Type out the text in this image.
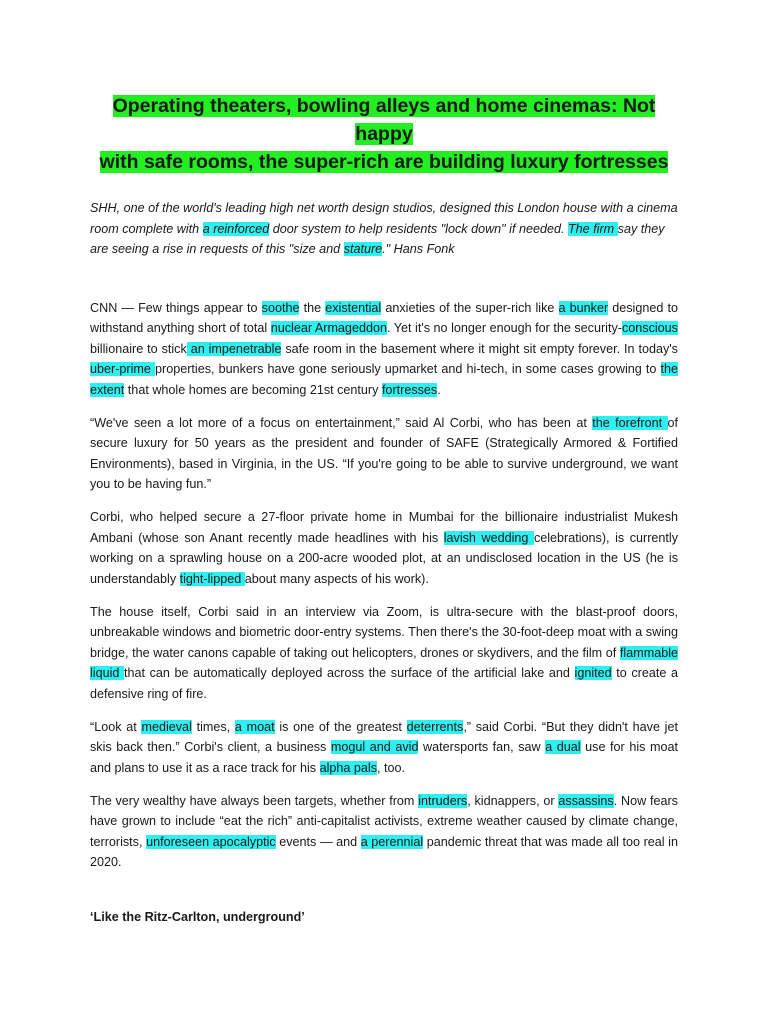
Operating theaters, bowling alleys and home cinemas: Not happy
with safe rooms, the super-rich are building luxury fortresses

SHH, one of the world's leading high net worth design studios, designed this London house with a cinema room complete with a reinforced door system to help residents "lock down" if needed. The firm say they are seeing a rise in requests of this "size and stature." Hans Fonk

CNN — Few things appear to soothe the existential anxieties of the super-rich like a bunker designed to withstand anything short of total nuclear Armageddon. Yet it's no longer enough for the security-conscious billionaire to stick an impenetrable safe room in the basement where it might sit empty forever. In today's uber-prime properties, bunkers have gone seriously upmarket and hi-tech, in some cases growing to the extent that whole homes are becoming 21st century fortresses.

“We've seen a lot more of a focus on entertainment,” said Al Corbi, who has been at the forefront of secure luxury for 50 years as the president and founder of SAFE (Strategically Armored & Fortified Environments), based in Virginia, in the US. “If you're going to be able to survive underground, we want you to be having fun.”

Corbi, who helped secure a 27-floor private home in Mumbai for the billionaire industrialist Mukesh Ambani (whose son Anant recently made headlines with his lavish wedding celebrations), is currently working on a sprawling house on a 200-acre wooded plot, at an undisclosed location in the US (he is understandably tight-lipped about many aspects of his work).

The house itself, Corbi said in an interview via Zoom, is ultra-secure with the blast-proof doors, unbreakable windows and biometric door-entry systems. Then there's the 30-foot-deep moat with a swing bridge, the water canons capable of taking out helicopters, drones or skydivers, and the film of flammable liquid that can be automatically deployed across the surface of the artificial lake and ignited to create a defensive ring of fire.

“Look at medieval times, a moat is one of the greatest deterrents,” said Corbi. “But they didn't have jet skis back then.” Corbi's client, a business mogul and avid watersports fan, saw a dual use for his moat and plans to use it as a race track for his alpha pals, too.

The very wealthy have always been targets, whether from intruders, kidnappers, or assassins. Now fears have grown to include “eat the rich” anti-capitalist activists, extreme weather caused by climate change, terrorists, unforeseen apocalyptic events — and a perennial pandemic threat that was made all too real in 2020.

‘Like the Ritz-Carlton, underground’
